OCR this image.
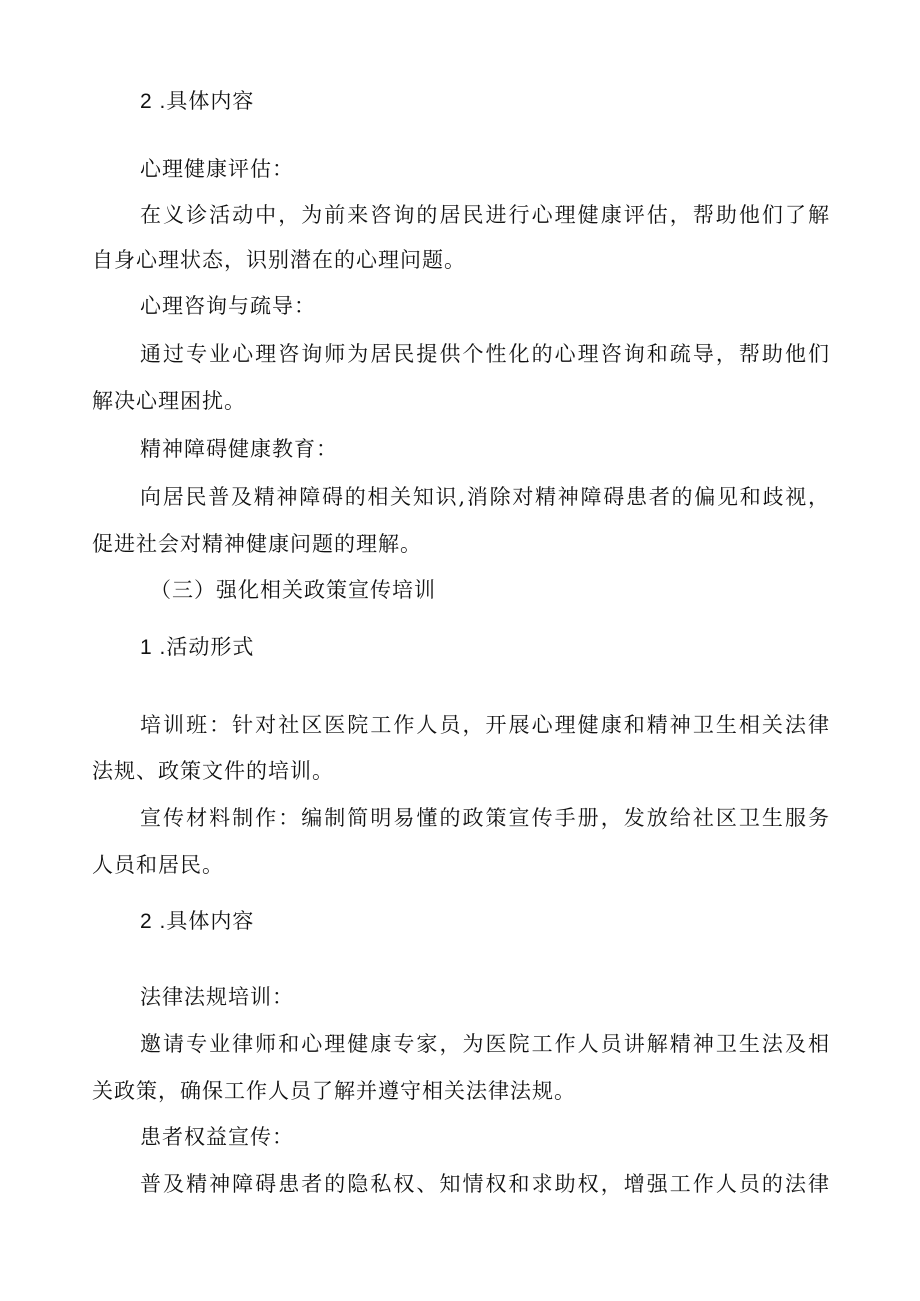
2 .具体内容
心理健康评估：
在义诊活动中，为前来咨询的居民进行心理健康评估，帮助他们了解
自身心理状态，识别潜在的心理问题。
心理咨询与疏导：
通过专业心理咨询师为居民提供个性化的心理咨询和疏导，帮助他们
解决心理困扰。
精神障碍健康教育：
向居民普及精神障碍的相关知识,消除对精神障碍患者的偏见和歧视，
促进社会对精神健康问题的理解。
（三）强化相关政策宣传培训
1 .活动形式
培训班：针对社区医院工作人员，开展心理健康和精神卫生相关法律
法规、政策文件的培训。
宣传材料制作：编制简明易懂的政策宣传手册，发放给社区卫生服务
人员和居民。
2 .具体内容
法律法规培训：
邀请专业律师和心理健康专家，为医院工作人员讲解精神卫生法及相
关政策，确保工作人员了解并遵守相关法律法规。
患者权益宣传：
普及精神障碍患者的隐私权、知情权和求助权，增强工作人员的法律
